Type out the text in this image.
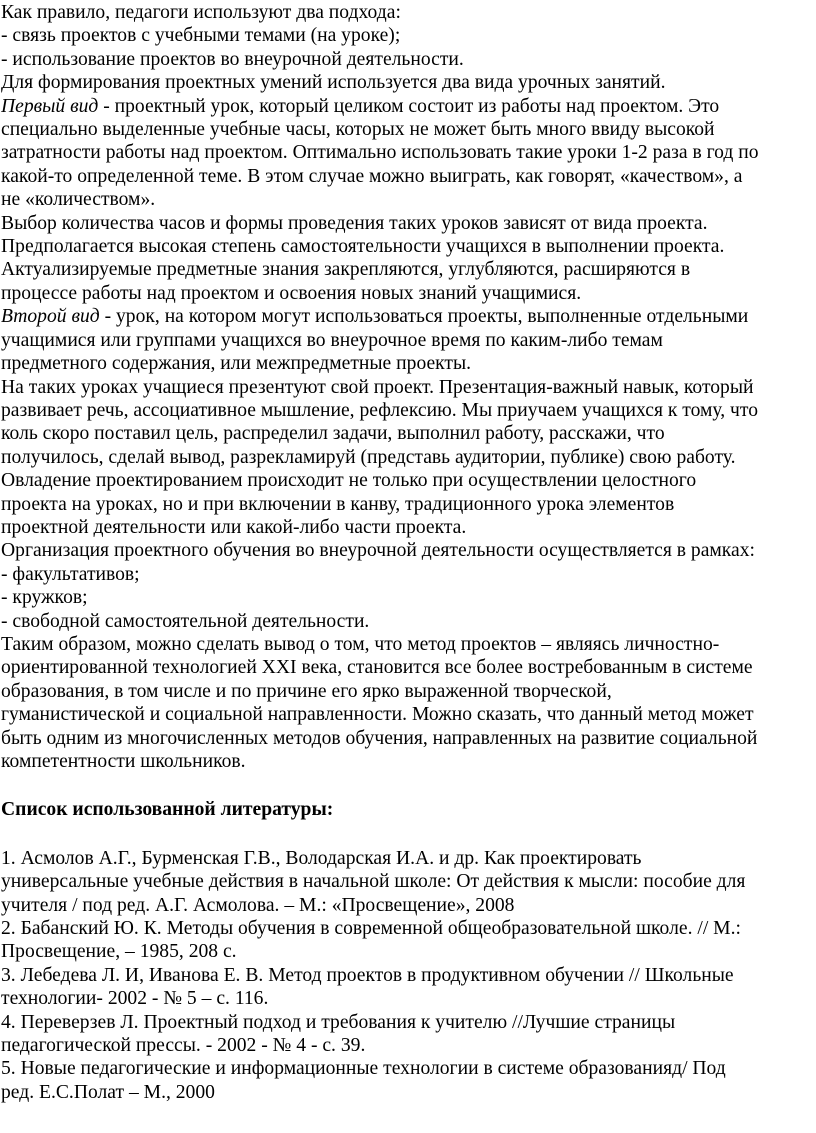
Как правило, педагоги используют два подхода:
- связь проектов с учебными темами (на уроке);
- использование проектов во внеурочной деятельности.
Для формирования проектных умений используется два вида урочных занятий.
Первый вид - проектный урок, который целиком состоит из работы над проектом. Это
специально выделенные учебные часы, которых не может быть много ввиду высокой
затратности работы над проектом. Оптимально использовать такие уроки 1-2 раза в год по
какой-то определенной теме. В этом случае можно выиграть, как говорят, «качеством», а
не «количеством».
Выбор количества часов и формы проведения таких уроков зависят от вида проекта.
Предполагается высокая степень самостоятельности учащихся в выполнении проекта.
Актуализируемые предметные знания закрепляются, углубляются, расширяются в
процессе работы над проектом и освоения новых знаний учащимися.
Второй вид - урок, на котором могут использоваться проекты, выполненные отдельными
учащимися или группами учащихся во внеурочное время по каким-либо темам
предметного содержания, или межпредметные проекты.
На таких уроках учащиеся презентуют свой проект. Презентация-важный навык, который
развивает речь, ассоциативное мышление, рефлексию. Мы приучаем учащихся к тому, что
коль скоро поставил цель, распределил задачи, выполнил работу, расскажи, что
получилось, сделай вывод, разрекламируй (представь аудитории, публике) свою работу.
Овладение проектированием происходит не только при осуществлении целостного
проекта на уроках, но и при включении в канву, традиционного урока элементов
проектной деятельности или какой-либо части проекта.
Организация проектного обучения во внеурочной деятельности осуществляется в рамках:
- факультативов;
- кружков;
- свободной самостоятельной деятельности.
Таким образом, можно сделать вывод о том, что метод проектов – являясь личностно-
ориентированной технологией XXI века, становится все более востребованным в системе
образования, в том числе и по причине его ярко выраженной творческой,
гуманистической и социальной направленности. Можно сказать, что данный метод может
быть одним из многочисленных методов обучения, направленных на развитие социальной
компетентности школьников.
Список использованной литературы:
1. Асмолов А.Г., Бурменская Г.В., Володарская И.А. и др. Как проектировать
универсальные учебные действия в начальной школе: От действия к мысли: пособие для
учителя / под ред. А.Г. Асмолова. – М.: «Просвещение», 2008
2. Бабанский Ю. К. Методы обучения в современной общеобразовательной школе. // М.:
Просвещение, – 1985, 208 с.
3. Лебедева Л. И, Иванова Е. В. Метод проектов в продуктивном обучении // Школьные
технологии- 2002 - № 5 – с. 116.
4. Переверзев Л. Проектный подход и требования к учителю //Лучшие страницы
педагогической прессы. - 2002 - № 4 - с. 39.
5. Новые педагогические и информационные технологии в системе образованияд/ Под
ред. Е.С.Полат – М., 2000
